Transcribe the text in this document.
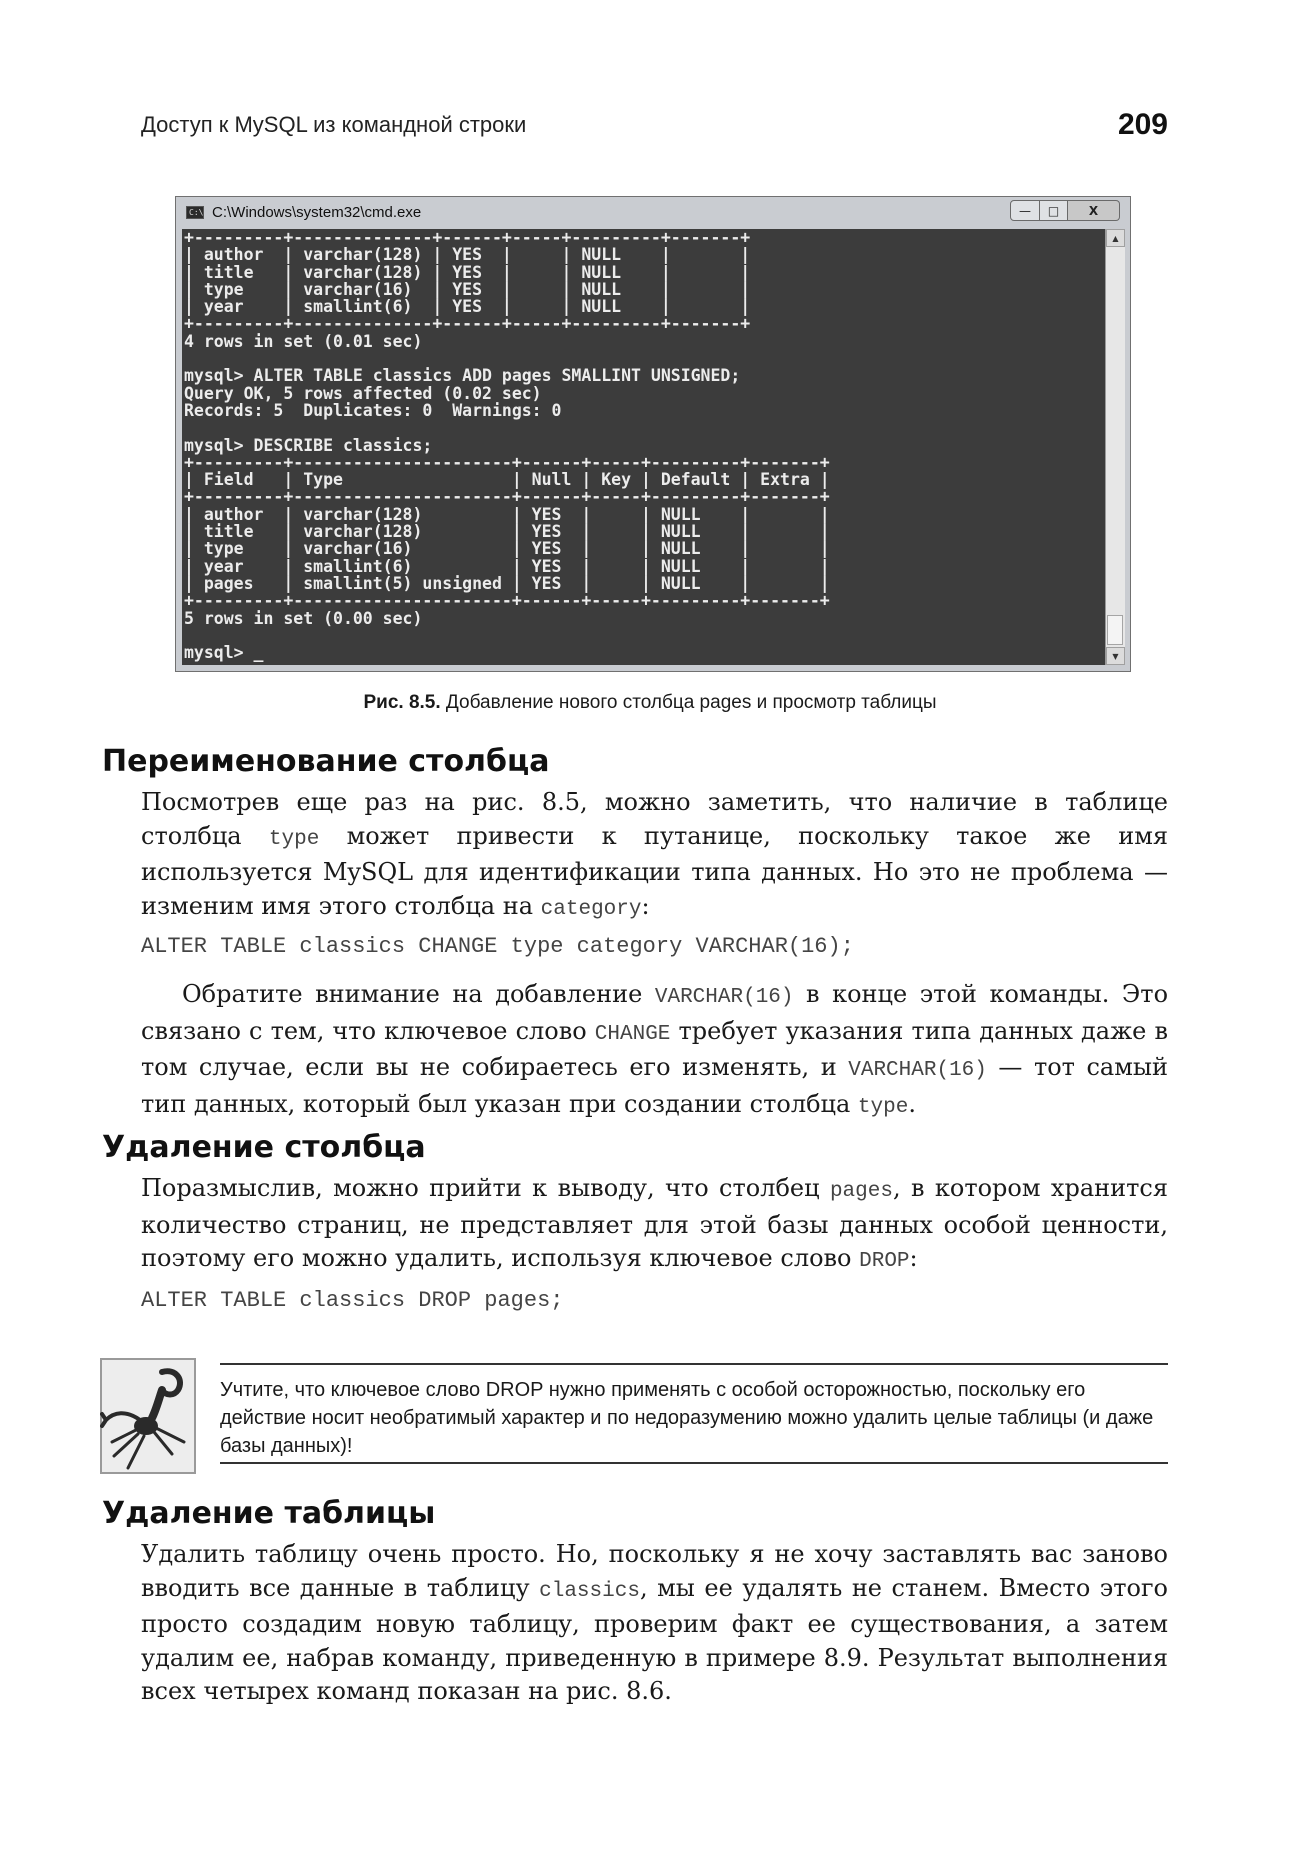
Доступ к MySQL из командной строки	209
C:\ C:\Windows\system32\cmd.exe	—	□	X
+---------+--------------+------+-----+---------+-------+
| author  | varchar(128) | YES  |     | NULL    |       |
| title   | varchar(128) | YES  |     | NULL    |       |
| type    | varchar(16)  | YES  |     | NULL    |       |
| year    | smallint(6)  | YES  |     | NULL    |       |
+---------+--------------+------+-----+---------+-------+
4 rows in set (0.01 sec)

mysql> ALTER TABLE classics ADD pages SMALLINT UNSIGNED;
Query OK, 5 rows affected (0.02 sec)
Records: 5  Duplicates: 0  Warnings: 0

mysql> DESCRIBE classics;
+---------+----------------------+------+-----+---------+-------+
| Field   | Type                 | Null | Key | Default | Extra |
+---------+----------------------+------+-----+---------+-------+
| author  | varchar(128)         | YES  |     | NULL    |       |
| title   | varchar(128)         | YES  |     | NULL    |       |
| type    | varchar(16)          | YES  |     | NULL    |       |
| year    | smallint(6)          | YES  |     | NULL    |       |
| pages   | smallint(5) unsigned | YES  |     | NULL    |       |
+---------+----------------------+------+-----+---------+-------+
5 rows in set (0.00 sec)

mysql> _
▲
▼
Рис. 8.5. Добавление нового столбца pages и просмотр таблицы
Переименование столбца

Посмотрев еще раз на рис. 8.5, можно заметить, что наличие в таблице столбца type может привести к путанице, поскольку такое же имя используется MySQL для идентификации типа данных. Но это не проблема — изменим имя этого столбца на category:

ALTER TABLE classics CHANGE type category VARCHAR(16);

Обратите внимание на добавление VARCHAR(16) в конце этой команды. Это связано с тем, что ключевое слово CHANGE требует указания типа данных даже в том случае, если вы не собираетесь его изменять, и VARCHAR(16) — тот самый тип данных, который был указан при создании столбца type.

Удаление столбца

Поразмыслив, можно прийти к выводу, что столбец pages, в котором хранится количество страниц, не представляет для этой базы данных особой ценности, поэтому его можно удалить, используя ключевое слово DROP:

ALTER TABLE classics DROP pages;

Учтите, что ключевое слово DROP нужно применять с особой осторожностью, поскольку его действие носит необратимый характер и по недоразумению можно удалить целые таблицы (и даже базы данных)!

Удаление таблицы

Удалить таблицу очень просто. Но, поскольку я не хочу заставлять вас заново вводить все данные в таблицу classics, мы ее удалять не станем. Вместо этого просто создадим новую таблицу, проверим факт ее существования, а затем удалим ее, набрав команду, приведенную в примере 8.9. Результат выполнения всех четырех команд показан на рис. 8.6.
